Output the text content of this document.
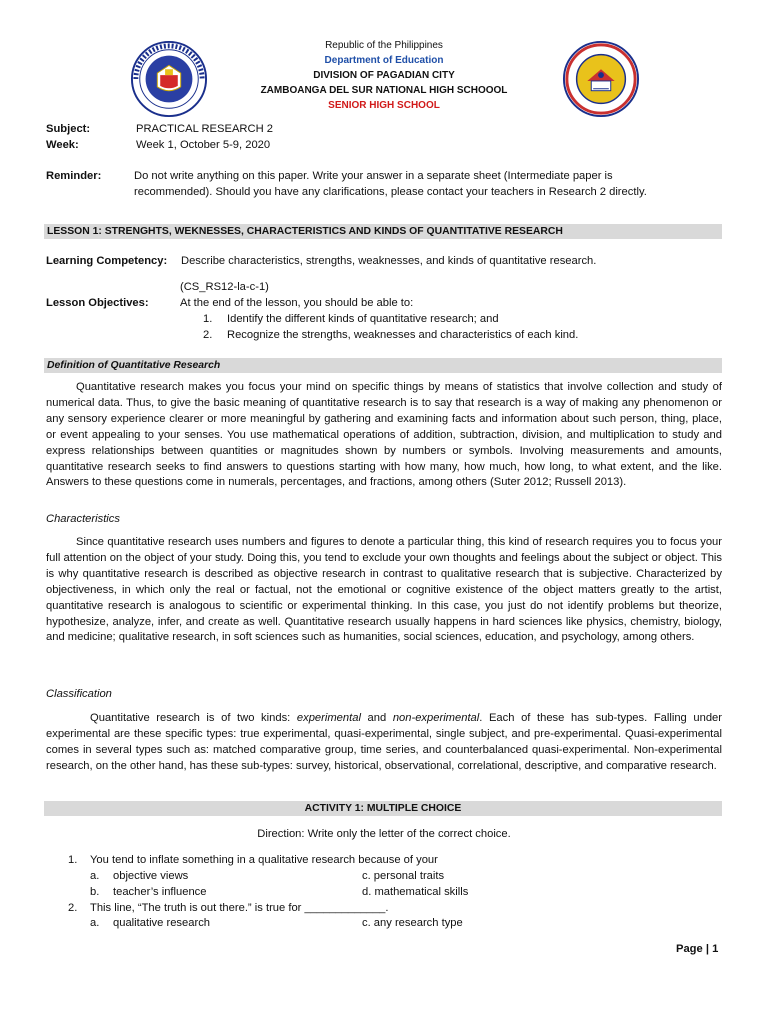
Republic of the Philippines
Department of Education
DIVISION OF PAGADIAN CITY
ZAMBOANGA DEL SUR NATIONAL HIGH SCHOOOL
SENIOR HIGH SCHOOL
Subject:	PRACTICAL RESEARCH 2
Week:	Week 1, October 5-9, 2020
Reminder:	Do not write anything on this paper. Write your answer in a separate sheet (Intermediate paper is
recommended). Should you have any clarifications, please contact your teachers in Research 2 directly.
LESSON 1: STRENGHTS, WEKNESSES, CHARACTERISTICS AND KINDS OF QUANTITATIVE RESEARCH
Learning Competency: Describe characteristics, strengths, weaknesses, and kinds of quantitative research.
(CS_RS12-la-c-1)
Lesson Objectives:	At the end of the lesson, you should be able to:
1. Identify the different kinds of quantitative research; and
2. Recognize the strengths, weaknesses and characteristics of each kind.
Definition of Quantitative Research
Quantitative research makes you focus your mind on specific things by means of statistics that involve collection and study of numerical data. Thus, to give the basic meaning of quantitative research is to say that research is a way of making any phenomenon or any sensory experience clearer or more meaningful by gathering and examining facts and information about such person, thing, place, or event appealing to your senses. You use mathematical operations of addition, subtraction, division, and multiplication to study and express relationships between quantities or magnitudes shown by numbers or symbols. Involving measurements and amounts, quantitative research seeks to find answers to questions starting with how many, how much, how long, to what extent, and the like. Answers to these questions come in numerals, percentages, and fractions, among others (Suter 2012; Russell 2013).
Characteristics
Since quantitative research uses numbers and figures to denote a particular thing, this kind of research requires you to focus your full attention on the object of your study. Doing this, you tend to exclude your own thoughts and feelings about the subject or object. This is why quantitative research is described as objective research in contrast to qualitative research that is subjective. Characterized by objectiveness, in which only the real or factual, not the emotional or cognitive existence of the object matters greatly to the artist, quantitative research is analogous to scientific or experimental thinking. In this case, you just do not identify problems but theorize, hypothesize, analyze, infer, and create as well. Quantitative research usually happens in hard sciences like physics, chemistry, biology, and medicine; qualitative research, in soft sciences such as humanities, social sciences, education, and psychology, among others.
Classification
Quantitative research is of two kinds: experimental and non-experimental. Each of these has sub-types. Falling under experimental are these specific types: true experimental, quasi-experimental, single subject, and pre-experimental. Quasi-experimental comes in several types such as: matched comparative group, time series, and counterbalanced quasi-experimental. Non-experimental research, on the other hand, has these sub-types: survey, historical, observational, correlational, descriptive, and comparative research.
ACTIVITY 1: MULTIPLE CHOICE
Direction: Write only the letter of the correct choice.
1. You tend to inflate something in a qualitative research because of your
a. objective views	c. personal traits
b. teacher’s influence	d. mathematical skills
2. This line, “The truth is out there.” is true for _____________.
a. qualitative research	c. any research type
Page | 1
